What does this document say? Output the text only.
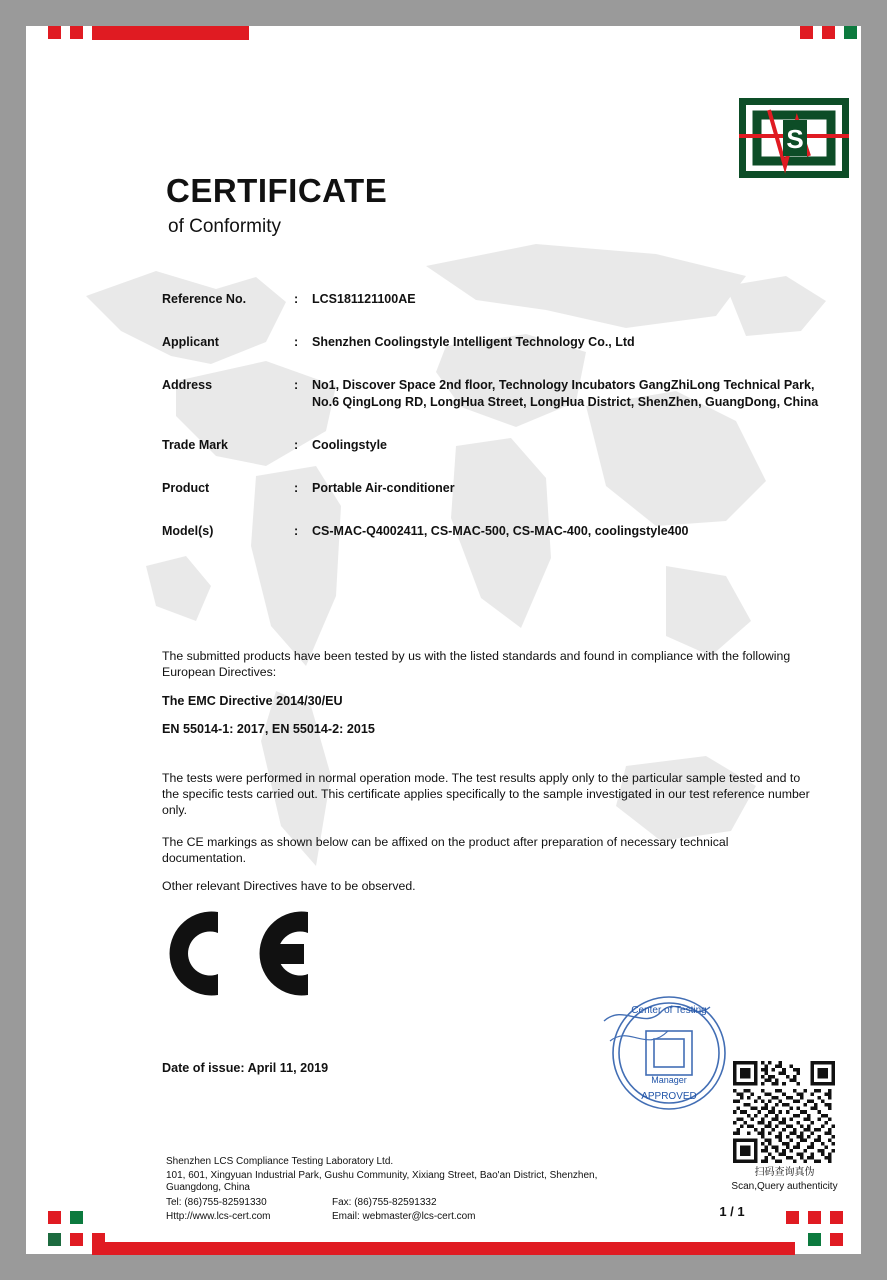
S
CERTIFICATE
of Conformity
Reference No.	:	LCS181121100AE
Applicant	:	Shenzhen Coolingstyle Intelligent Technology Co., Ltd
Address	:	No1, Discover Space 2nd floor, Technology Incubators GangZhiLong Technical Park, No.6 QingLong RD, LongHua Street, LongHua District, ShenZhen, GuangDong, China
Trade Mark	:	Coolingstyle
Product	:	Portable Air-conditioner
Model(s)	:	CS-MAC-Q4002411, CS-MAC-500, CS-MAC-400, coolingstyle400
The submitted products have been tested by us with the listed standards and found in compliance with the following European Directives:
The EMC Directive 2014/30/EU
EN 55014-1: 2017, EN 55014-2: 2015
The tests were performed in normal operation mode. The test results apply only to the particular sample tested and to the specific tests carried out. This certificate applies specifically to the sample investigated in our test reference number only.
The CE markings as shown below can be affixed on the product after preparation of necessary technical documentation.
Other relevant Directives have to be observed.
Date of issue: April 11, 2019
Center of Testing
Manager
APPROVED
扫码查询真伪
Scan,Query authenticity
Shenzhen LCS Compliance Testing Laboratory Ltd.
101, 601, Xingyuan Industrial Park, Gushu Community, Xixiang Street, Bao'an District, Shenzhen,
Guangdong, China
Tel: (86)755-82591330	Fax: (86)755-82591332
Http://www.lcs-cert.com	Email: webmaster@lcs-cert.com	1 / 1
